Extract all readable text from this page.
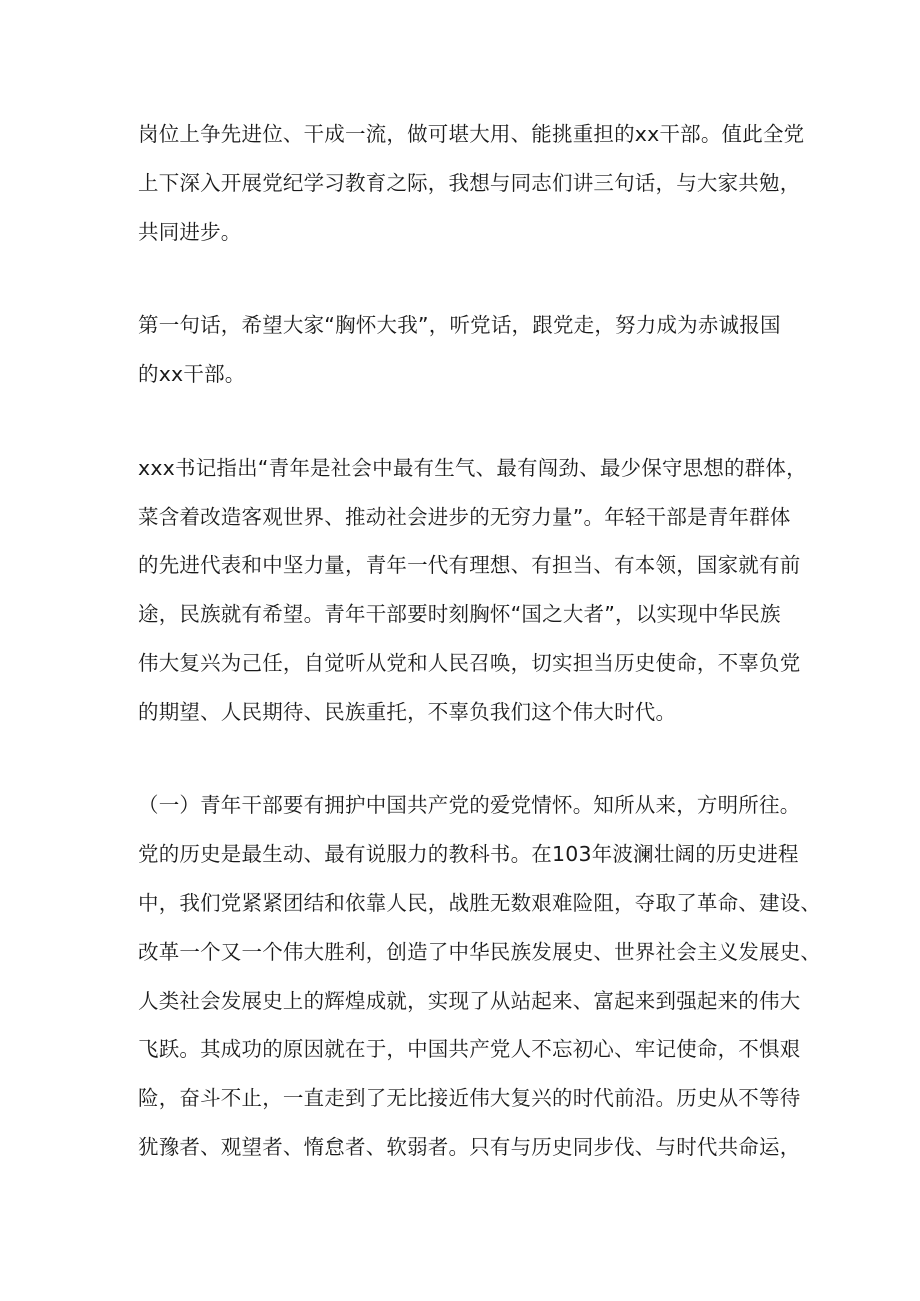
岗位上争先进位、干成一流，做可堪大用、能挑重担的xx干部。值此全党
上下深入开展党纪学习教育之际，我想与同志们讲三句话，与大家共勉，
共同进步。
第一句话，希望大家“胸怀大我”，听党话，跟党走，努力成为赤诚报国
的xx干部。
xxx书记指出“青年是社会中最有生气、最有闯劲、最少保守思想的群体，
菜含着改造客观世界、推动社会进步的无穷力量”。年轻干部是青年群体
的先进代表和中坚力量，青年一代有理想、有担当、有本领，国家就有前
途，民族就有希望。青年干部要时刻胸怀“国之大者”，以实现中华民族
伟大复兴为己任，自觉听从党和人民召唤，切实担当历史使命，不辜负党
的期望、人民期待、民族重托，不辜负我们这个伟大时代。
（一）青年干部要有拥护中国共产党的爱党情怀。知所从来，方明所往。
党的历史是最生动、最有说服力的教科书。在103年波澜壮阔的历史进程
中，我们党紧紧团结和依靠人民，战胜无数艰难险阻，夺取了革命、建设、
改革一个又一个伟大胜利，创造了中华民族发展史、世界社会主义发展史、
人类社会发展史上的辉煌成就，实现了从站起来、富起来到强起来的伟大
飞跃。其成功的原因就在于，中国共产党人不忘初心、牢记使命，不惧艰
险，奋斗不止，一直走到了无比接近伟大复兴的时代前沿。历史从不等待
犹豫者、观望者、惰怠者、软弱者。只有与历史同步伐、与时代共命运，
